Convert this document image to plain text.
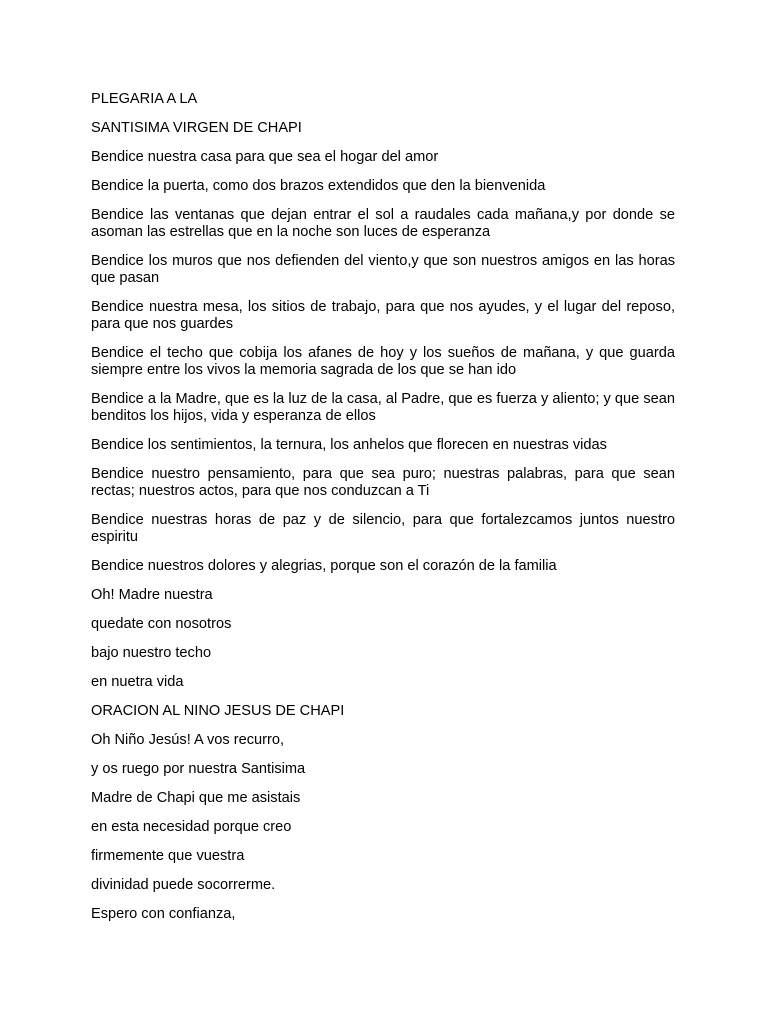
PLEGARIA A LA

SANTISIMA VIRGEN DE CHAPI

Bendice nuestra casa para que sea el hogar del amor

Bendice la puerta, como dos brazos extendidos que den la bienvenida

Bendice las ventanas que dejan entrar el sol a raudales cada mañana,y por donde se asoman las estrellas que en la noche son luces de esperanza

Bendice los muros que nos defienden del viento,y que son nuestros amigos en las horas que pasan

Bendice nuestra mesa, los sitios de trabajo, para que nos ayudes, y el lugar del reposo, para que nos guardes

Bendice el techo que cobija los afanes de hoy y los sueños de mañana, y que guarda siempre entre los vivos la memoria sagrada de los que se han ido

Bendice a la Madre, que es la luz de la casa, al Padre, que es fuerza y aliento; y que sean benditos los hijos, vida y esperanza de ellos

Bendice los sentimientos, la ternura, los anhelos que florecen en nuestras vidas

Bendice nuestro pensamiento, para que sea puro; nuestras palabras, para que sean rectas; nuestros actos, para que nos conduzcan a Ti

Bendice nuestras horas de paz y de silencio, para que fortalezcamos juntos nuestro espiritu

Bendice nuestros dolores y alegrias, porque son el corazón de la familia

Oh! Madre nuestra

quedate con nosotros

bajo nuestro techo

en nuetra vida

ORACION AL NINO JESUS DE CHAPI

Oh Niño Jesús! A vos recurro,

y os ruego por nuestra Santisima

Madre de Chapi que me asistais

en esta necesidad porque creo

firmemente que vuestra

divinidad puede socorrerme.

Espero con confianza,
